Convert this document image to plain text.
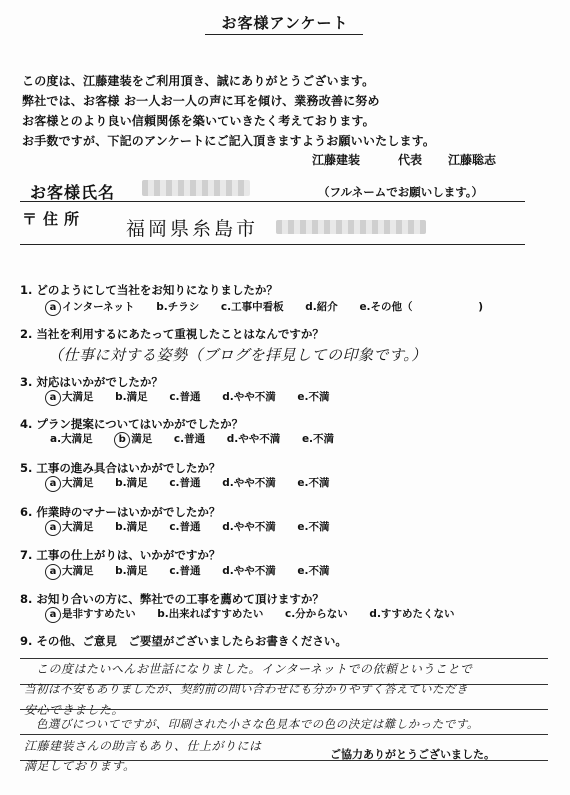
お客様アンケート
この度は、江藤建装をご利用頂き、誠にありがとうございます。
弊社では、お客様 お一人お一人の声に耳を傾け、業務改善に努め
お客様とのより良い信頼関係を築いていきたく考えております。
お手数ですが、下記のアンケートにご記入頂きますようお願いいたします。
江藤建装	代表 江藤聡志
お客様氏名	（フルネームでお願いします。）
〒住所 福岡県糸島市
1. どのようにして当社をお知りになりましたか？
a インターネット b.チラシ c.工事中看板 d.紹介 e.その他（	)
2. 当社を利用するにあたって重視したことはなんですか？
（仕事に対する姿勢（ブログを拝見しての印象です。）
3. 対応はいかがでしたか？
a 大満足 b.満足 c.普通 d.やや不満 e.不満
4. プラン提案についてはいかがでしたか？
a.大満足	b 満足 c.普通 d.やや不満 e.不満
5. 工事の進み具合はいかがでしたか？
a 大満足 b.満足 c.普通 d.やや不満 e.不満
6. 作業時のマナーはいかがでしたか？
a 大満足 b.満足 c.普通 d.やや不満 e.不満
7. 工事の仕上がりは、いかがですか？
a 大満足 b.満足 c.普通 d.やや不満 e.不満
8. お知り合いの方に、弊社での工事を薦めて頂けますか？
a 是非すすめたい b.出来ればすすめたい c.分からない d.すすめたくない
9. その他、ご意見　ご要望がございましたらお書きください。
この度はたいへんお世話になりました。インターネットでの依頼ということで
当初は不安もありましたが、契約前の問い合わせにも分かりやすく答えていただき
安心できました。
色選びについてですが、印刷された小さな色見本での色の決定は難しかったです。
江藤建装さんの助言もあり、仕上がりには
満足しております。
ご協力ありがとうございました。
